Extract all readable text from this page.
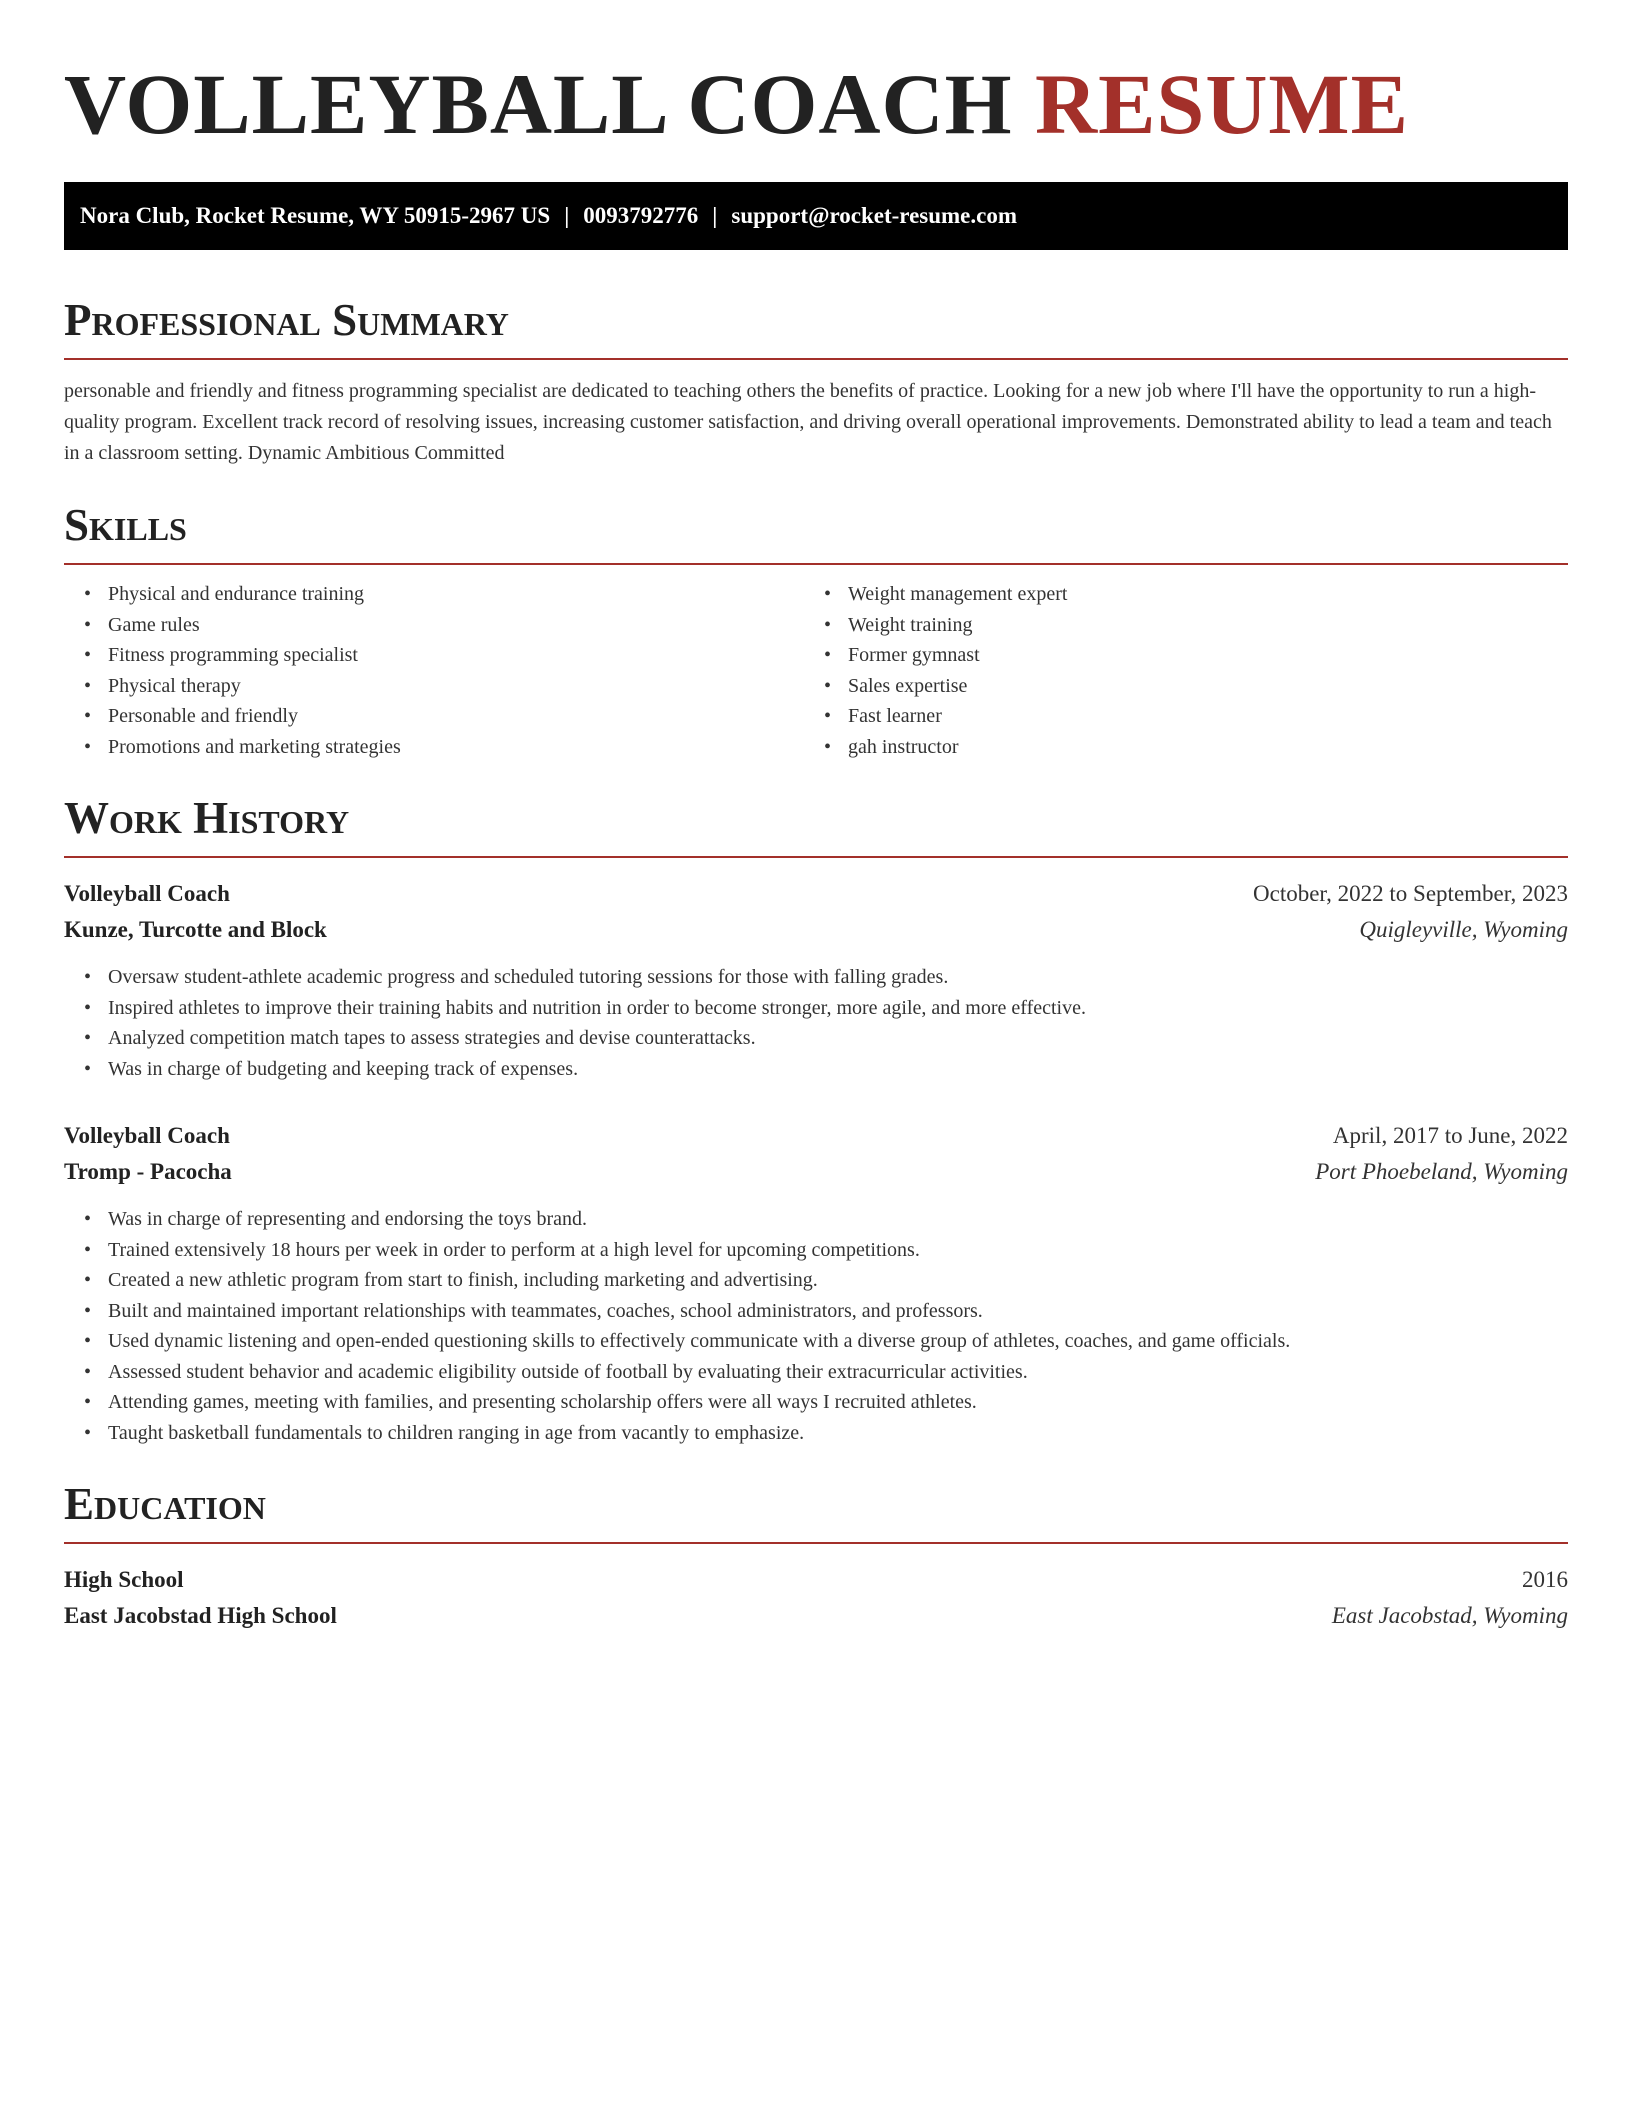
VOLLEYBALL COACH RESUME
Nora Club, Rocket Resume, WY 50915-2967 US | 0093792776 | support@rocket-resume.com
Professional Summary

personable and friendly and fitness programming specialist are dedicated to teaching others the benefits of practice. Looking for a new job where I'll have the opportunity to run a high-quality program. Excellent track record of resolving issues, increasing customer satisfaction, and driving overall operational improvements. Demonstrated ability to lead a team and teach in a classroom setting. Dynamic Ambitious Committed

Skills
• Physical and endurance training
• Game rules
• Fitness programming specialist
• Physical therapy
• Personable and friendly
• Promotions and marketing strategies
• Weight management expert
• Weight training
• Former gymnast
• Sales expertise
• Fast learner
• gah instructor
Work History
Volleyball Coach	October, 2022 to September, 2023
Kunze, Turcotte and Block	Quigleyville, Wyoming
• Oversaw student-athlete academic progress and scheduled tutoring sessions for those with falling grades.
• Inspired athletes to improve their training habits and nutrition in order to become stronger, more agile, and more effective.
• Analyzed competition match tapes to assess strategies and devise counterattacks.
• Was in charge of budgeting and keeping track of expenses.
Volleyball Coach	April, 2017 to June, 2022
Tromp - Pacocha	Port Phoebeland, Wyoming
• Was in charge of representing and endorsing the toys brand.
• Trained extensively 18 hours per week in order to perform at a high level for upcoming competitions.
• Created a new athletic program from start to finish, including marketing and advertising.
• Built and maintained important relationships with teammates, coaches, school administrators, and professors.
• Used dynamic listening and open-ended questioning skills to effectively communicate with a diverse group of athletes, coaches, and game officials.
• Assessed student behavior and academic eligibility outside of football by evaluating their extracurricular activities.
• Attending games, meeting with families, and presenting scholarship offers were all ways I recruited athletes.
• Taught basketball fundamentals to children ranging in age from vacantly to emphasize.
Education
High School	2016
East Jacobstad High School	East Jacobstad, Wyoming
